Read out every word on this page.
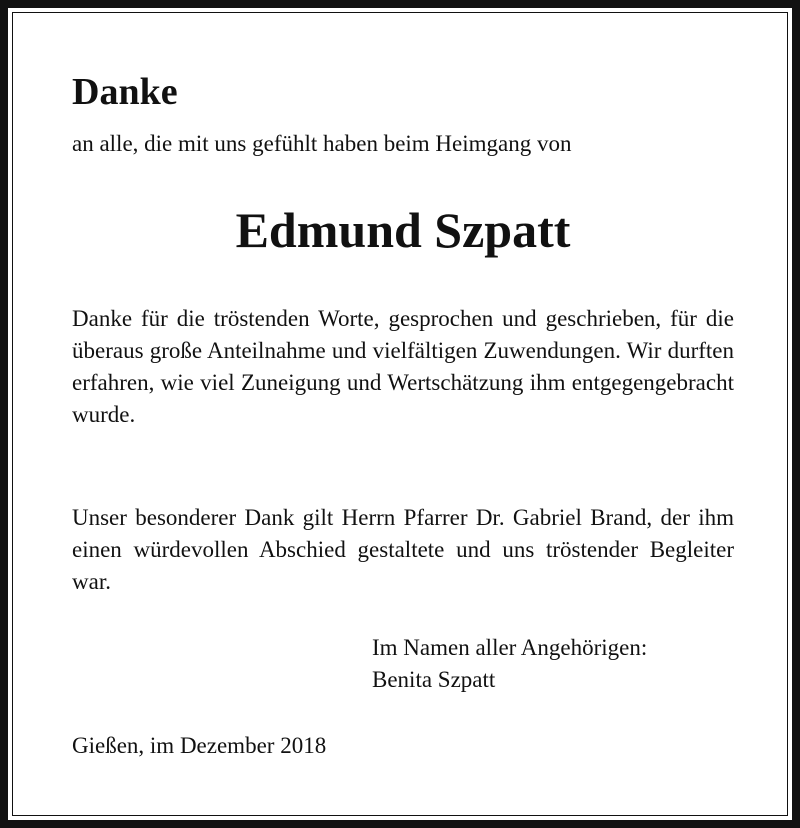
Danke
an alle, die mit uns gefühlt haben beim Heimgang von
Edmund Szpatt

Danke für die tröstenden Worte, gesprochen und geschrieben, für die überaus große Anteilnahme und vielfältigen Zuwendungen. Wir durften erfahren, wie viel Zuneigung und Wertschätzung ihm entgegengebracht wurde.

Unser besonderer Dank gilt Herrn Pfarrer Dr. Gabriel Brand, der ihm einen würdevollen Abschied gestaltete und uns tröstender Begleiter war.

Im Namen aller Angehörigen:
Benita Szpatt
Gießen, im Dezember 2018
